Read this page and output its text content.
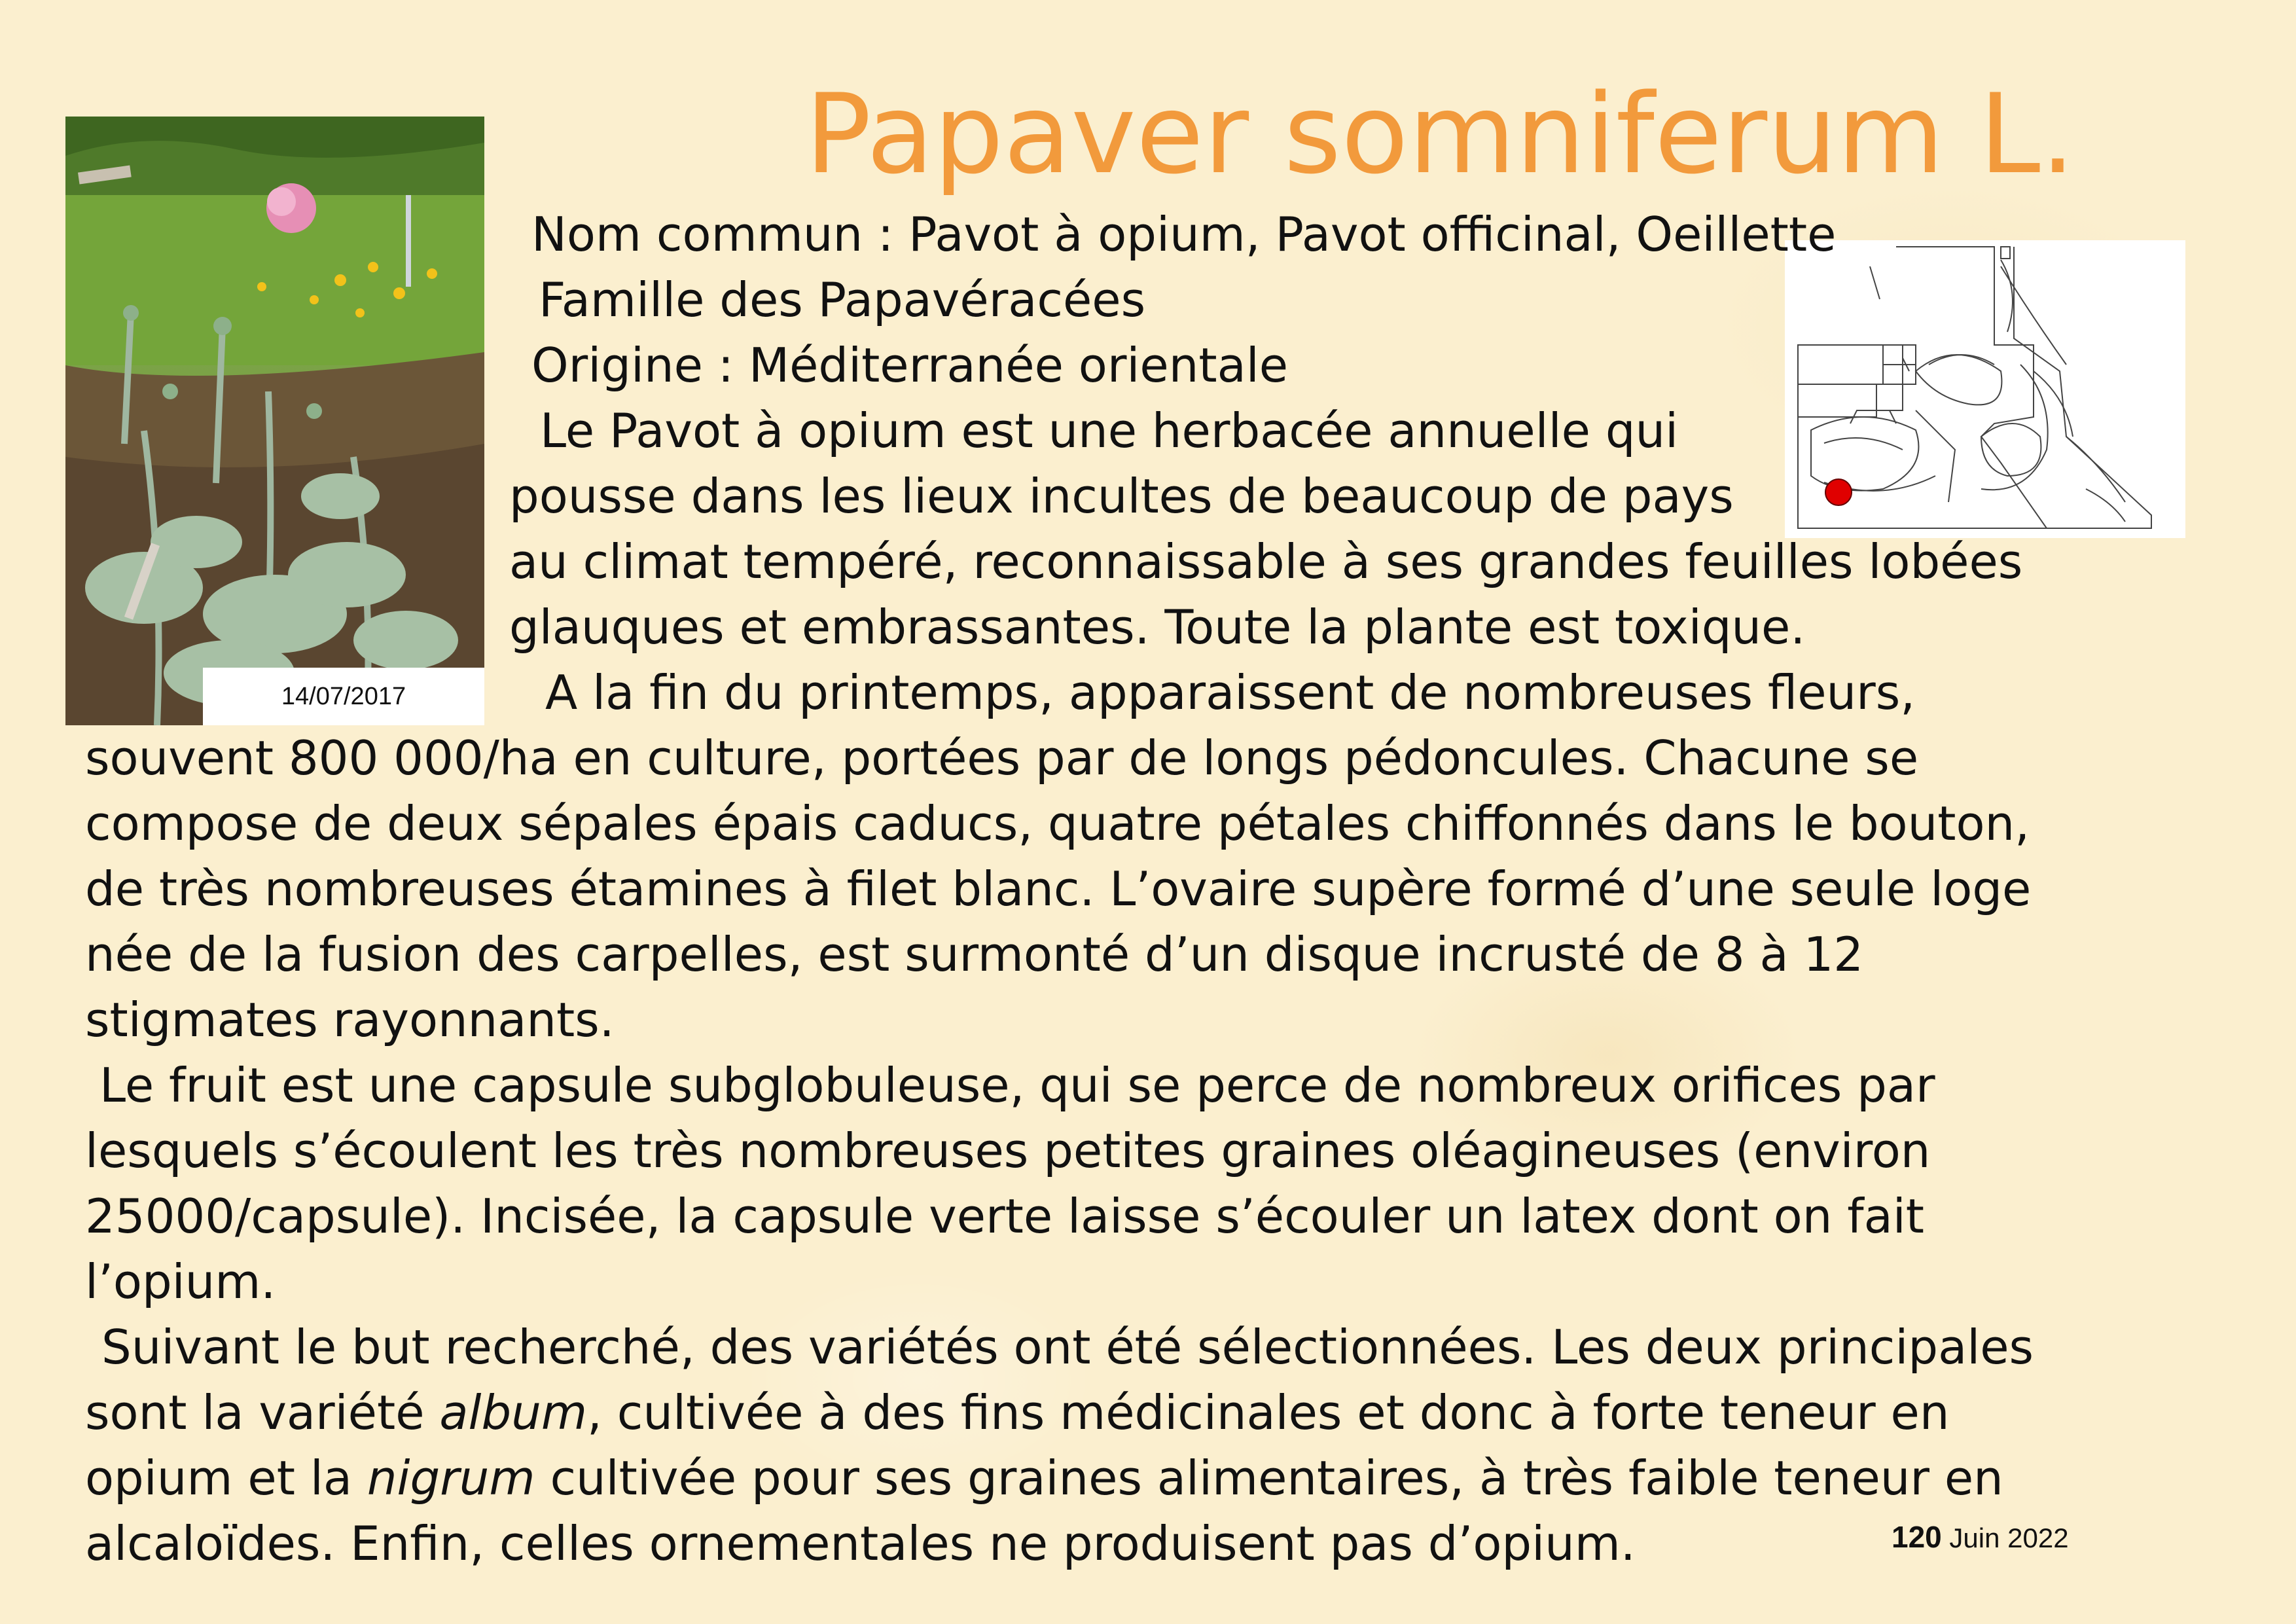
Papaver somniferum L.
14/07/2017
Nom commun : Pavot à opium, Pavot officinal, Oeillette
Famille des Papavéracées
Origine : Méditerranée orientale
Le Pavot à opium est une herbacée annuelle qui
pousse dans les lieux incultes de beaucoup de pays
au climat tempéré, reconnaissable à ses grandes feuilles lobées
glauques et embrassantes. Toute la plante est toxique.
A la fin du printemps, apparaissent de nombreuses fleurs,
souvent 800 000/ha en culture, portées par de longs pédoncules. Chacune se
compose de deux sépales épais caducs, quatre pétales chiffonnés dans le bouton,
de très nombreuses étamines à filet blanc. L’ovaire supère formé d’une seule loge
née de la fusion des carpelles, est surmonté d’un disque incrusté de 8 à 12
stigmates rayonnants.
Le fruit est une capsule subglobuleuse, qui se perce de nombreux orifices par
lesquels s’écoulent les très nombreuses petites graines oléagineuses (environ
25000/capsule). Incisée, la capsule verte laisse s’écouler un latex dont on fait
l’opium.
Suivant le but recherché, des variétés ont été sélectionnées. Les deux principales
sont la variété album, cultivée à des fins médicinales et donc à forte teneur en
opium et la nigrum cultivée pour ses graines alimentaires, à très faible teneur en
alcaloïdes. Enfin, celles ornementales ne produisent pas d’opium.	120 Juin 2022
